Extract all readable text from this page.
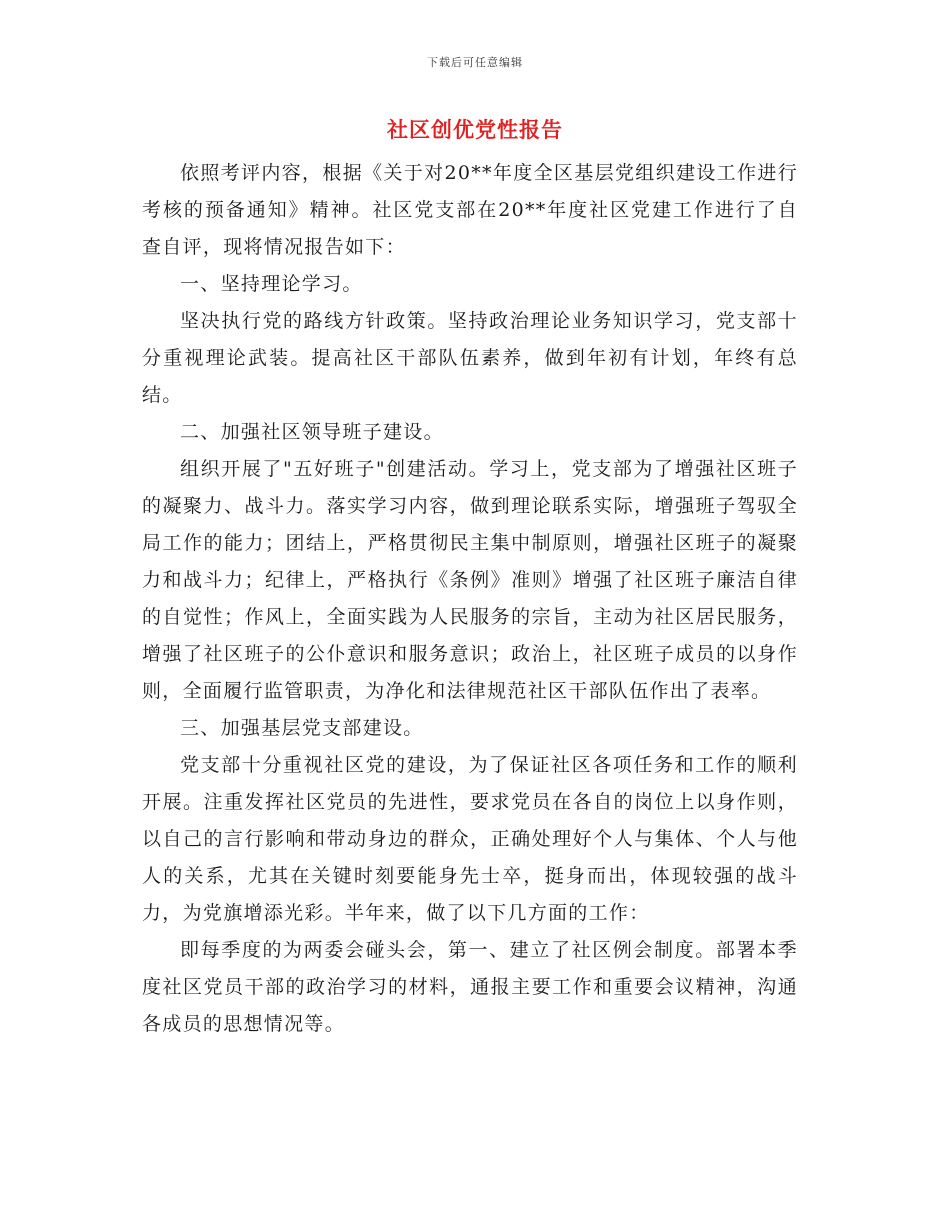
下载后可任意编辑
社区创优党性报告

依照考评内容，根据《关于对20**年度全区基层党组织建设工作进行考核的预备通知》精神。社区党支部在20**年度社区党建工作进行了自查自评，现将情况报告如下：

一、坚持理论学习。

坚决执行党的路线方针政策。坚持政治理论业务知识学习，党支部十分重视理论武装。提高社区干部队伍素养，做到年初有计划，年终有总结。

二、加强社区领导班子建设。

组织开展了"五好班子"创建活动。学习上，党支部为了增强社区班子的凝聚力、战斗力。落实学习内容，做到理论联系实际，增强班子驾驭全局工作的能力；团结上，严格贯彻民主集中制原则，增强社区班子的凝聚力和战斗力；纪律上，严格执行《条例》准则》增强了社区班子廉洁自律的自觉性；作风上，全面实践为人民服务的宗旨，主动为社区居民服务，增强了社区班子的公仆意识和服务意识；政治上，社区班子成员的以身作则，全面履行监管职责，为净化和法律规范社区干部队伍作出了表率。

三、加强基层党支部建设。

党支部十分重视社区党的建设，为了保证社区各项任务和工作的顺利开展。注重发挥社区党员的先进性，要求党员在各自的岗位上以身作则，以自己的言行影响和带动身边的群众，正确处理好个人与集体、个人与他人的关系，尤其在关键时刻要能身先士卒，挺身而出，体现较强的战斗力，为党旗增添光彩。半年来，做了以下几方面的工作：

即每季度的为两委会碰头会，第一、建立了社区例会制度。部署本季度社区党员干部的政治学习的材料，通报主要工作和重要会议精神，沟通各成员的思想情况等。
